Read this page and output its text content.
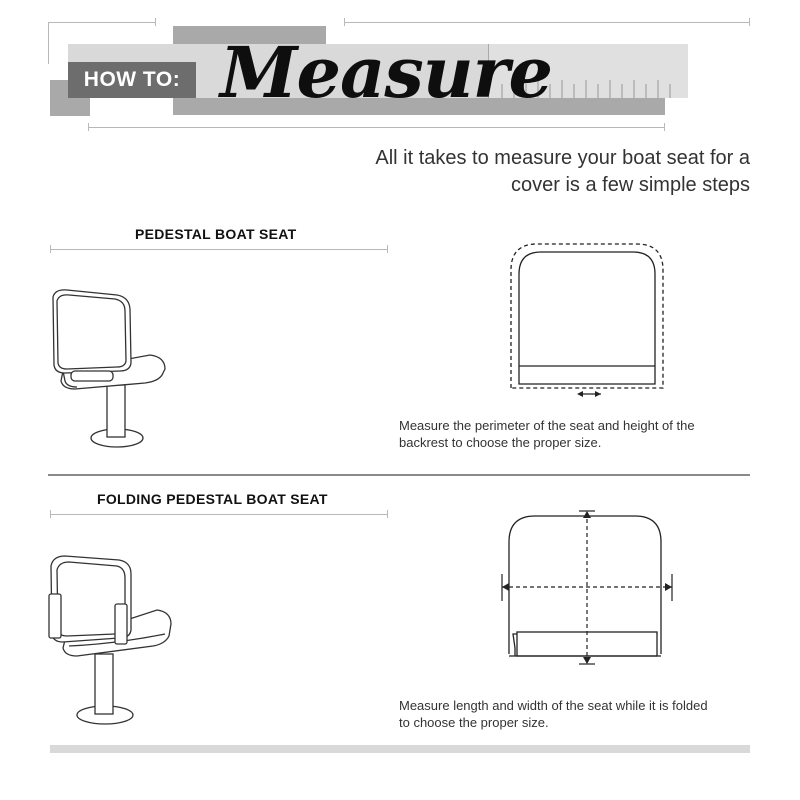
HOW TO: Measure
All it takes to measure your boat seat for a
cover is a few simple steps
PEDESTAL BOAT SEAT
Measure the perimeter of the seat and height of the
backrest to choose the proper size.
FOLDING PEDESTAL BOAT SEAT
Measure length and width of the seat while it is folded
to choose the proper size.
